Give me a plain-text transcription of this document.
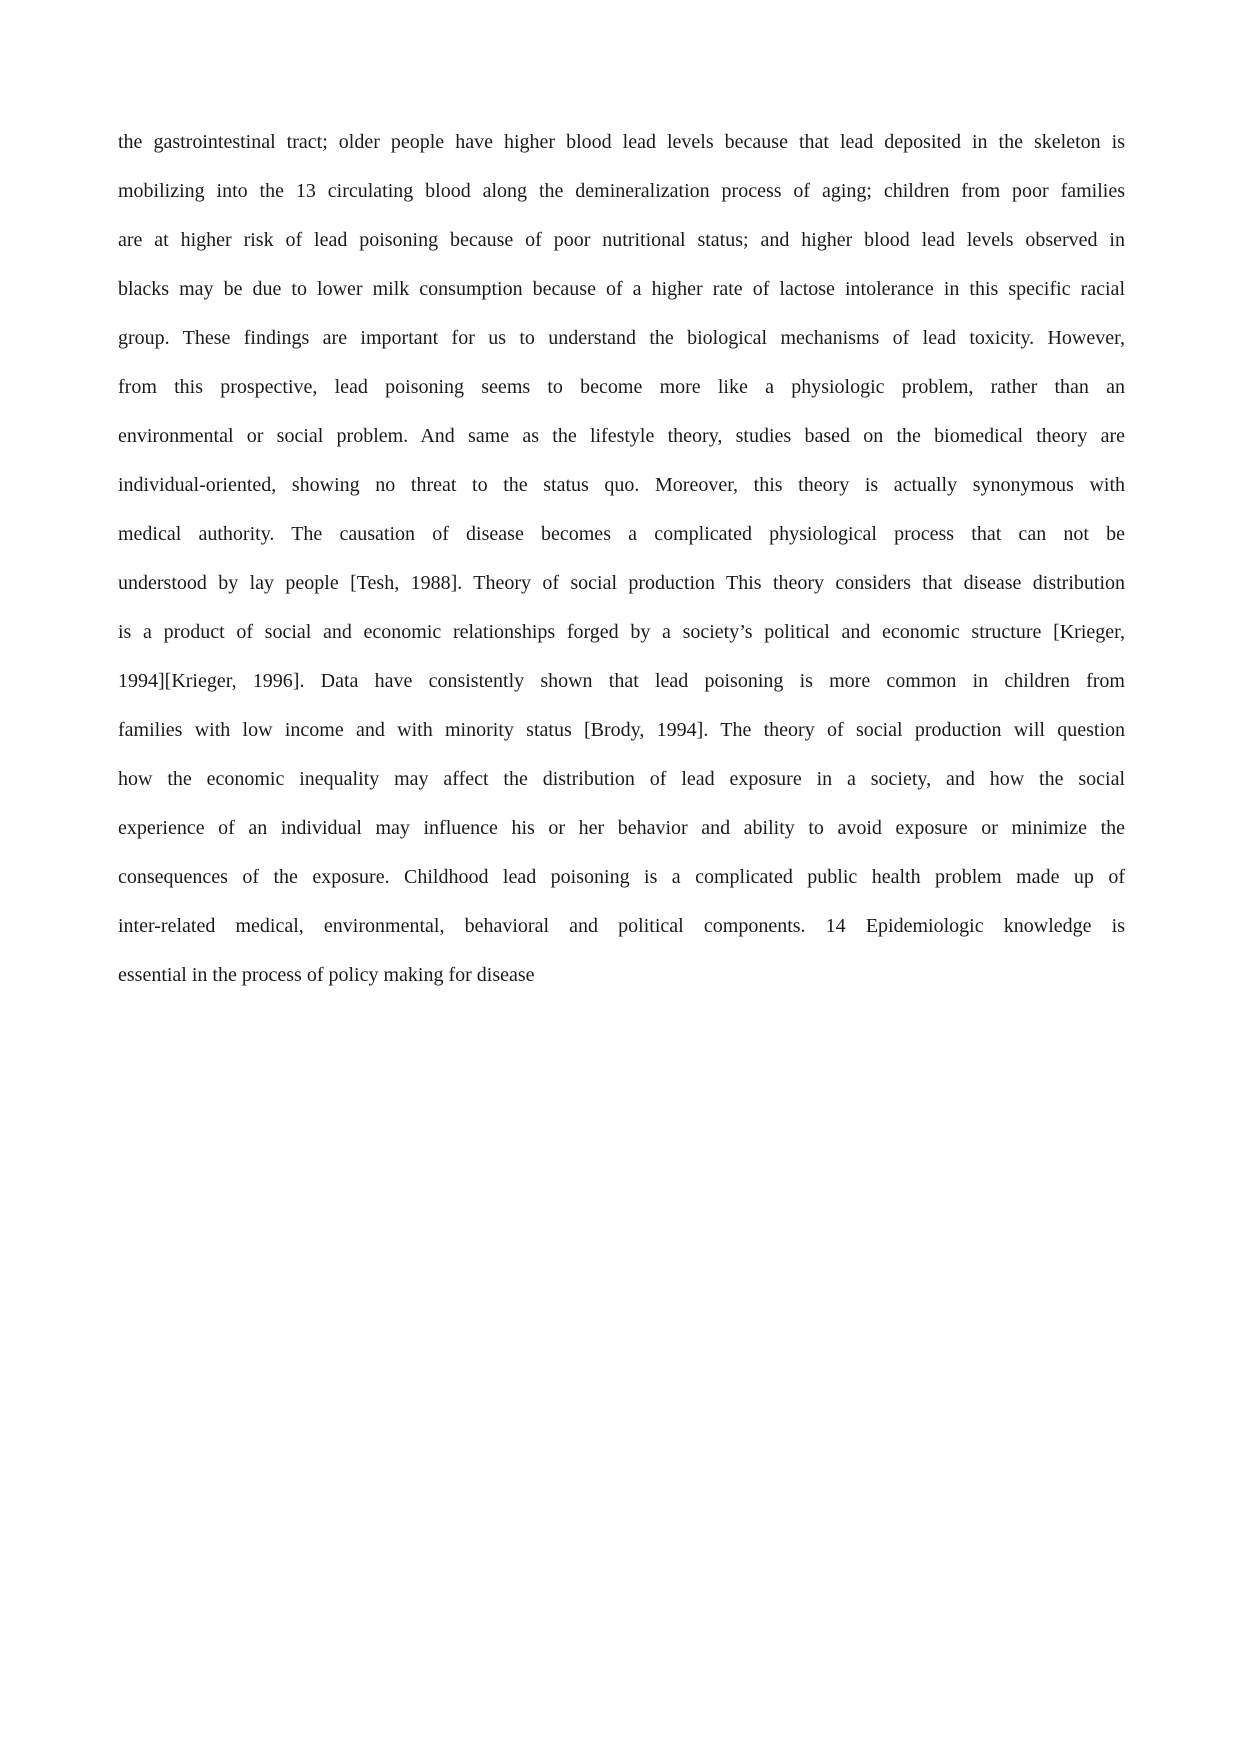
the gastrointestinal tract; older people have higher blood lead levels because that lead deposited in the skeleton is
mobilizing into the 13 circulating blood along the demineralization process of aging; children from poor families
are at higher risk of lead poisoning because of poor nutritional status; and higher blood lead levels observed in
blacks may be due to lower milk consumption because of a higher rate of lactose intolerance in this specific racial
group. These findings are important for us to understand the biological mechanisms of lead toxicity. However,
from this prospective, lead poisoning seems to become more like a physiologic problem, rather than an
environmental or social problem. And same as the lifestyle theory, studies based on the biomedical theory are
individual-oriented, showing no threat to the status quo. Moreover, this theory is actually synonymous with
medical authority. The causation of disease becomes a complicated physiological process that can not be
understood by lay people [Tesh, 1988]. Theory of social production This theory considers that disease distribution
is a product of social and economic relationships forged by a society’s political and economic structure [Krieger,
1994][Krieger, 1996]. Data have consistently shown that lead poisoning is more common in children from
families with low income and with minority status [Brody, 1994]. The theory of social production will question
how the economic inequality may affect the distribution of lead exposure in a society, and how the social
experience of an individual may influence his or her behavior and ability to avoid exposure or minimize the
consequences of the exposure. Childhood lead poisoning is a complicated public health problem made up of
inter-related medical, environmental, behavioral and political components. 14 Epidemiologic knowledge is
essential in the process of policy making for disease
